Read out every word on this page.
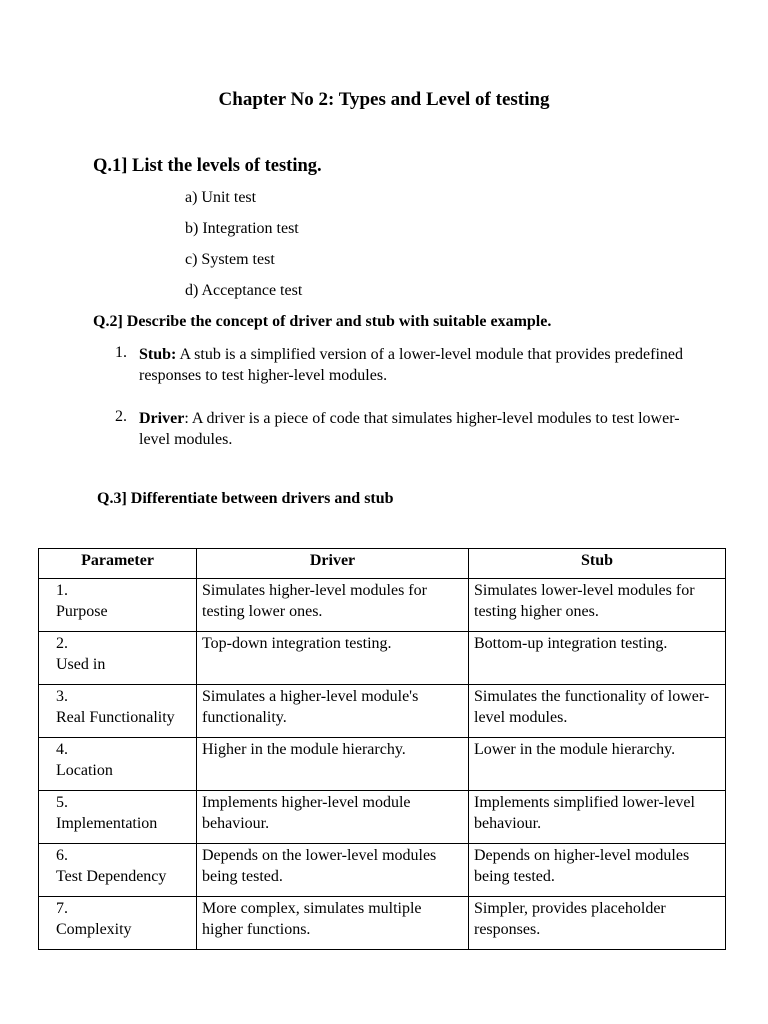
Chapter No 2: Types and Level of testing
Q.1] List the levels of testing.
a) Unit test
b) Integration test
c) System test
d) Acceptance test
Q.2] Describe the concept of driver and stub with suitable example.
1. Stub: A stub is a simplified version of a lower-level module that provides predefined responses to test higher-level modules.
2. Driver: A driver is a piece of code that simulates higher-level modules to test lower-level modules.
Q.3] Differentiate between drivers and stub
Parameter	Driver	Stub
1.Purpose	Simulates higher-level modules for testing lower ones.	Simulates lower-level modules for testing higher ones.
2.Used in	Top-down integration testing.	Bottom-up integration testing.
3.Real Functionality	Simulates a higher-level module's functionality.	Simulates the functionality of lower-level modules.
4.Location	Higher in the module hierarchy.	Lower in the module hierarchy.
5.Implementation	Implements higher-level module behaviour.	Implements simplified lower-level behaviour.
6.Test Dependency	Depends on the lower-level modules being tested.	Depends on higher-level modules being tested.
7.Complexity	More complex, simulates multiple higher functions.	Simpler, provides placeholder responses.
